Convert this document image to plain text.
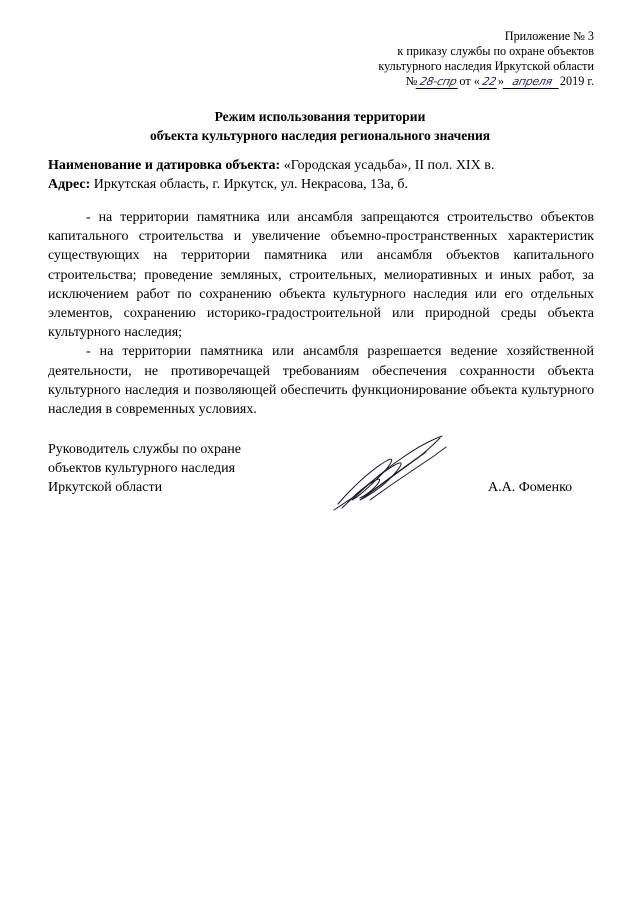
Приложение № 3
к приказу службы по охране объектов
культурного наследия Иркутской области
№ 28-спрот «22» апреля 2019 г.
Режим использования территории
объекта культурного наследия регионального значения
Наименование и датировка объекта: «Городская усадьба», II пол. XIX в.
Адрес: Иркутская область, г. Иркутск, ул. Некрасова, 13а, б.

- на территории памятника или ансамбля запрещаются строительство объектов капитального строительства и увеличение объемно-пространственных характеристик существующих на территории памятника или ансамбля объектов капитального строительства; проведение земляных, строительных, мелиоративных и иных работ, за исключением работ по сохранению объекта культурного наследия или его отдельных элементов, сохранению историко-градостроительной или природной среды объекта культурного наследия;

- на территории памятника или ансамбля разрешается ведение хозяйственной деятельности, не противоречащей требованиям обеспечения сохранности объекта культурного наследия и позволяющей обеспечить функционирование объекта культурного наследия в современных условиях.

Руководитель службы по охране
объектов культурного наследия
Иркутской области	А.А. Фоменко
